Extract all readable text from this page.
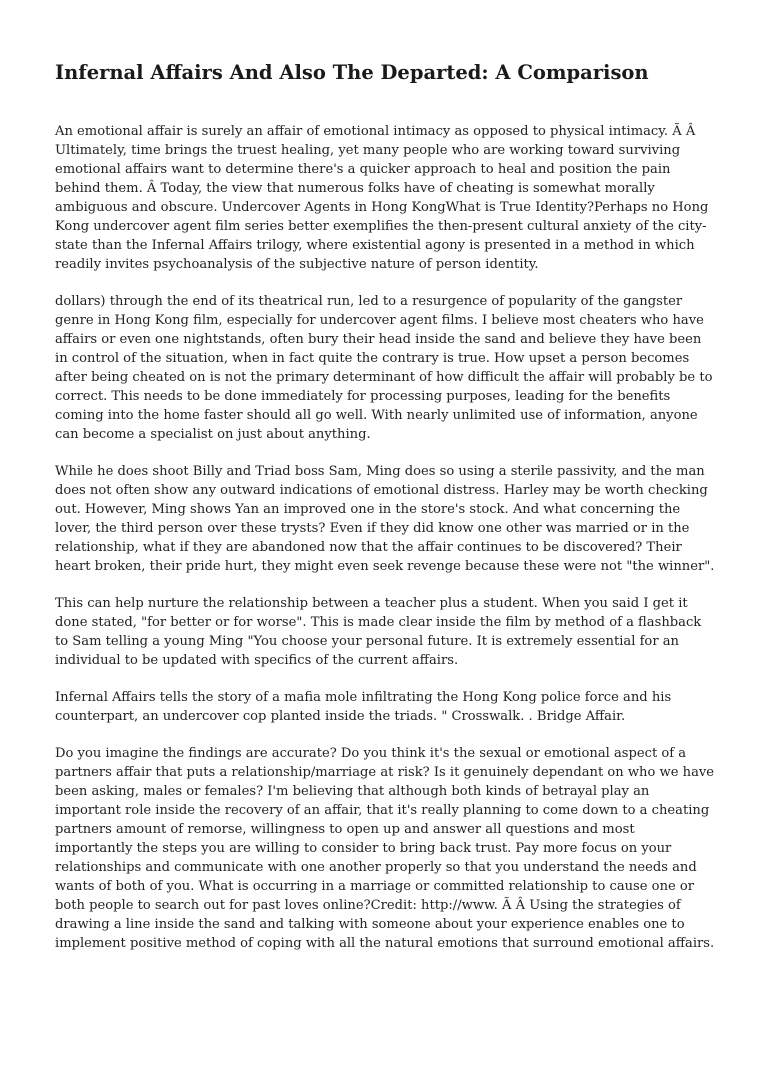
Infernal Affairs And Also The Departed: A Comparison

An emotional affair is surely an affair of emotional intimacy as opposed to physical intimacy. Ã Â Ultimately, time brings the truest healing, yet many people who are working toward surviving emotional affairs want to determine there's a quicker approach to heal and position the pain behind them. Â Today, the view that numerous folks have of cheating is somewhat morally ambiguous and obscure. Undercover Agents in Hong KongWhat is True Identity?Perhaps no Hong Kong undercover agent film series better exemplifies the then-present cultural anxiety of the city-state than the Infernal Affairs trilogy, where existential agony is presented in a method in which readily invites psychoanalysis of the subjective nature of person identity.

dollars) through the end of its theatrical run, led to a resurgence of popularity of the gangster genre in Hong Kong film, especially for undercover agent films. I believe most cheaters who have affairs or even one nightstands, often bury their head inside the sand and believe they have been in control of the situation, when in fact quite the contrary is true. How upset a person becomes after being cheated on is not the primary determinant of how difficult the affair will probably be to correct. This needs to be done immediately for processing purposes, leading for the benefits coming into the home faster should all go well. With nearly unlimited use of information, anyone can become a specialist on just about anything.

While he does shoot Billy and Triad boss Sam, Ming does so using a sterile passivity, and the man does not often show any outward indications of emotional distress. Harley may be worth checking out. However, Ming shows Yan an improved one in the store's stock. And what concerning the lover, the third person over these trysts? Even if they did know one other was married or in the relationship, what if they are abandoned now that the affair continues to be discovered? Their heart broken, their pride hurt, they might even seek revenge because these were not "the winner".

This can help nurture the relationship between a teacher plus a student. When you said I get it done stated, "for better or for worse". This is made clear inside the film by method of a flashback to Sam telling a young Ming "You choose your personal future. It is extremely essential for an individual to be updated with specifics of the current affairs.

Infernal Affairs tells the story of a mafia mole infiltrating the Hong Kong police force and his counterpart, an undercover cop planted inside the triads. " Crosswalk. . Bridge Affair.

Do you imagine the findings are accurate? Do you think it's the sexual or emotional aspect of a partners affair that puts a relationship/marriage at risk? Is it genuinely dependant on who we have been asking, males or females? I'm believing that although both kinds of betrayal play an important role inside the recovery of an affair, that it's really planning to come down to a cheating partners amount of remorse, willingness to open up and answer all questions and most importantly the steps you are willing to consider to bring back trust. Pay more focus on your relationships and communicate with one another properly so that you understand the needs and wants of both of you. What is occurring in a marriage or committed relationship to cause one or both people to search out for past loves online?Credit: http://www. Ã Â Using the strategies of drawing a line inside the sand and talking with someone about your experience enables one to implement positive method of coping with all the natural emotions that surround emotional affairs.
